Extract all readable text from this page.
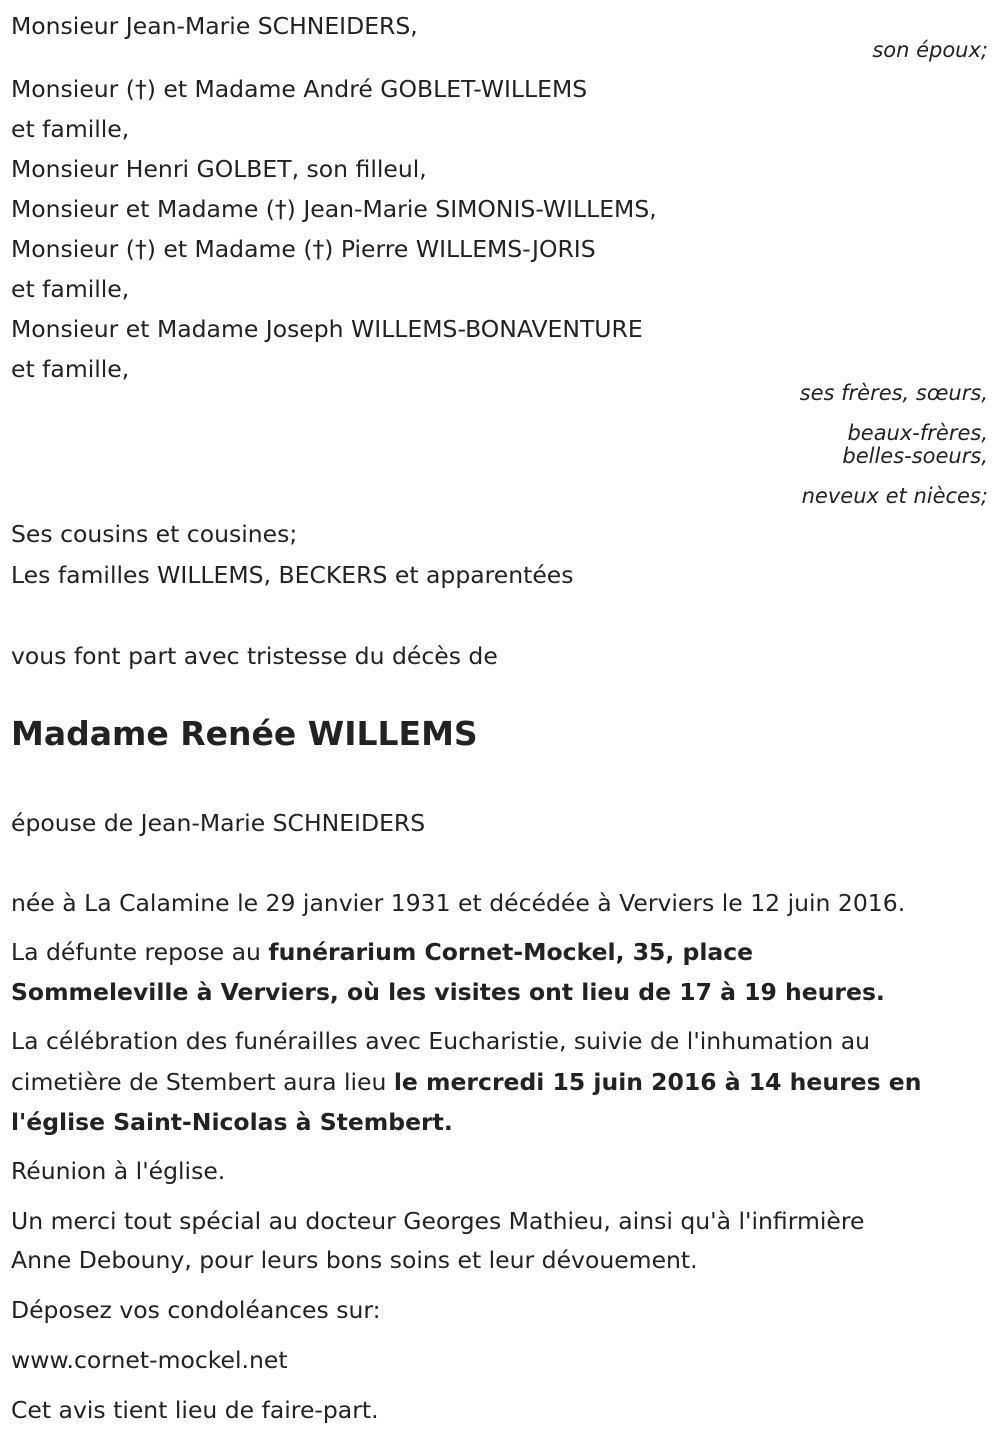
Monsieur Jean-Marie SCHNEIDERS,

son époux;

Monsieur (†) et Madame André GOBLET-WILLEMS

et famille,

Monsieur Henri GOLBET, son filleul,

Monsieur et Madame (†) Jean-Marie SIMONIS-WILLEMS,

Monsieur (†) et Madame (†) Pierre WILLEMS-JORIS

et famille,

Monsieur et Madame Joseph WILLEMS-BONAVENTURE

et famille,

ses frères, sœurs,

beaux-frères,

belles-soeurs,

neveux et nièces;

Ses cousins et cousines;

Les familles WILLEMS, BECKERS et apparentées

vous font part avec tristesse du décès de

Madame Renée WILLEMS

épouse de Jean-Marie SCHNEIDERS

née à La Calamine le 29 janvier 1931 et décédée à Verviers le 12 juin 2016.

La défunte repose au funérarium Cornet-Mockel, 35, place

Sommeleville à Verviers, où les visites ont lieu de 17 à 19 heures.

La célébration des funérailles avec Eucharistie, suivie de l'inhumation au

cimetière de Stembert aura lieu le mercredi 15 juin 2016 à 14 heures en

l'église Saint-Nicolas à Stembert.

Réunion à l'église.

Un merci tout spécial au docteur Georges Mathieu, ainsi qu'à l'infirmière

Anne Debouny, pour leurs bons soins et leur dévouement.

Déposez vos condoléances sur:

www.cornet-mockel.net

Cet avis tient lieu de faire-part.
